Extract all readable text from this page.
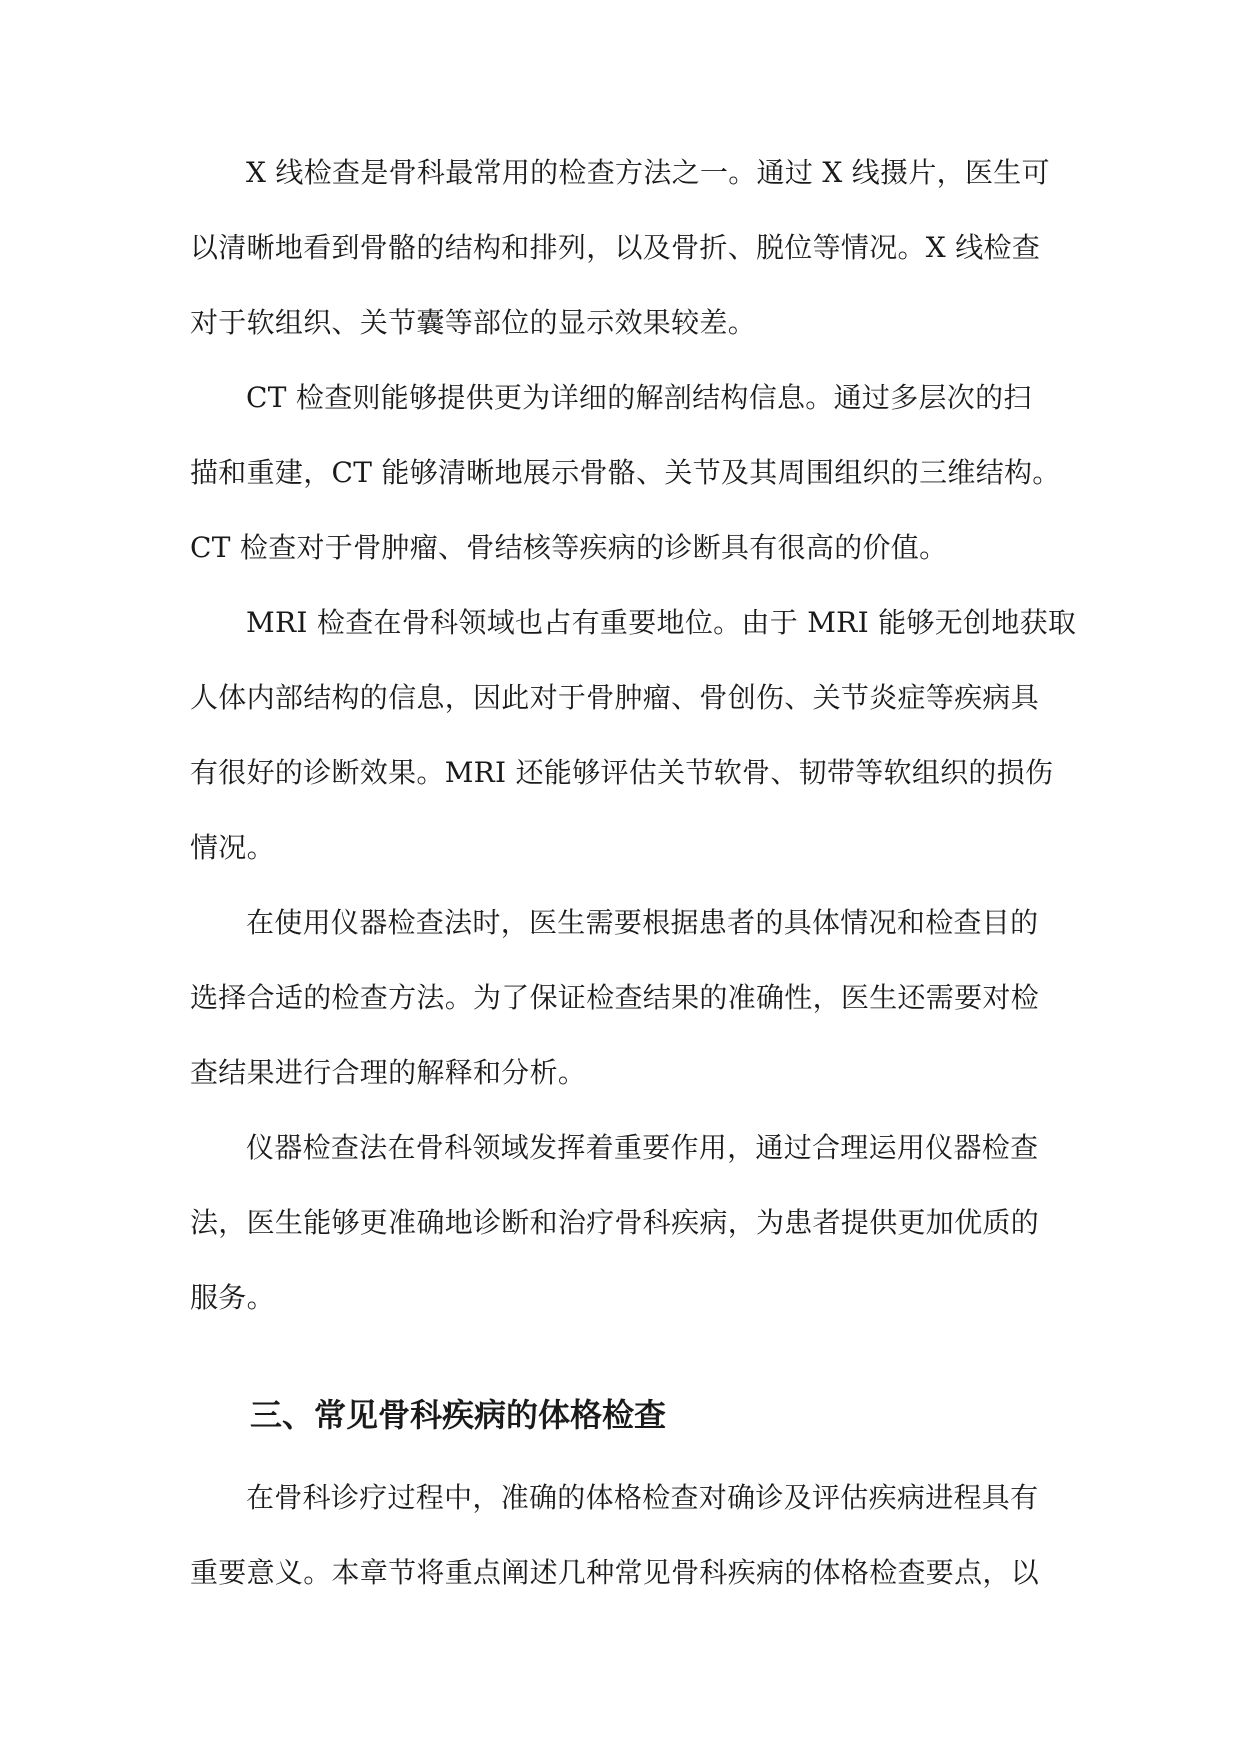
X 线检查是骨科最常用的检查方法之一。通过 X 线摄片，医生可
以清晰地看到骨骼的结构和排列，以及骨折、脱位等情况。X 线检查
对于软组织、关节囊等部位的显示效果较差。
CT 检查则能够提供更为详细的解剖结构信息。通过多层次的扫
描和重建，CT 能够清晰地展示骨骼、关节及其周围组织的三维结构。
CT 检查对于骨肿瘤、骨结核等疾病的诊断具有很高的价值。
MRI 检查在骨科领域也占有重要地位。由于 MRI 能够无创地获取
人体内部结构的信息，因此对于骨肿瘤、骨创伤、关节炎症等疾病具
有很好的诊断效果。MRI 还能够评估关节软骨、韧带等软组织的损伤
情况。
在使用仪器检查法时，医生需要根据患者的具体情况和检查目的
选择合适的检查方法。为了保证检查结果的准确性，医生还需要对检
查结果进行合理的解释和分析。
仪器检查法在骨科领域发挥着重要作用，通过合理运用仪器检查
法，医生能够更准确地诊断和治疗骨科疾病，为患者提供更加优质的
服务。
三、常见骨科疾病的体格检查
在骨科诊疗过程中，准确的体格检查对确诊及评估疾病进程具有
重要意义。本章节将重点阐述几种常见骨科疾病的体格检查要点，以
